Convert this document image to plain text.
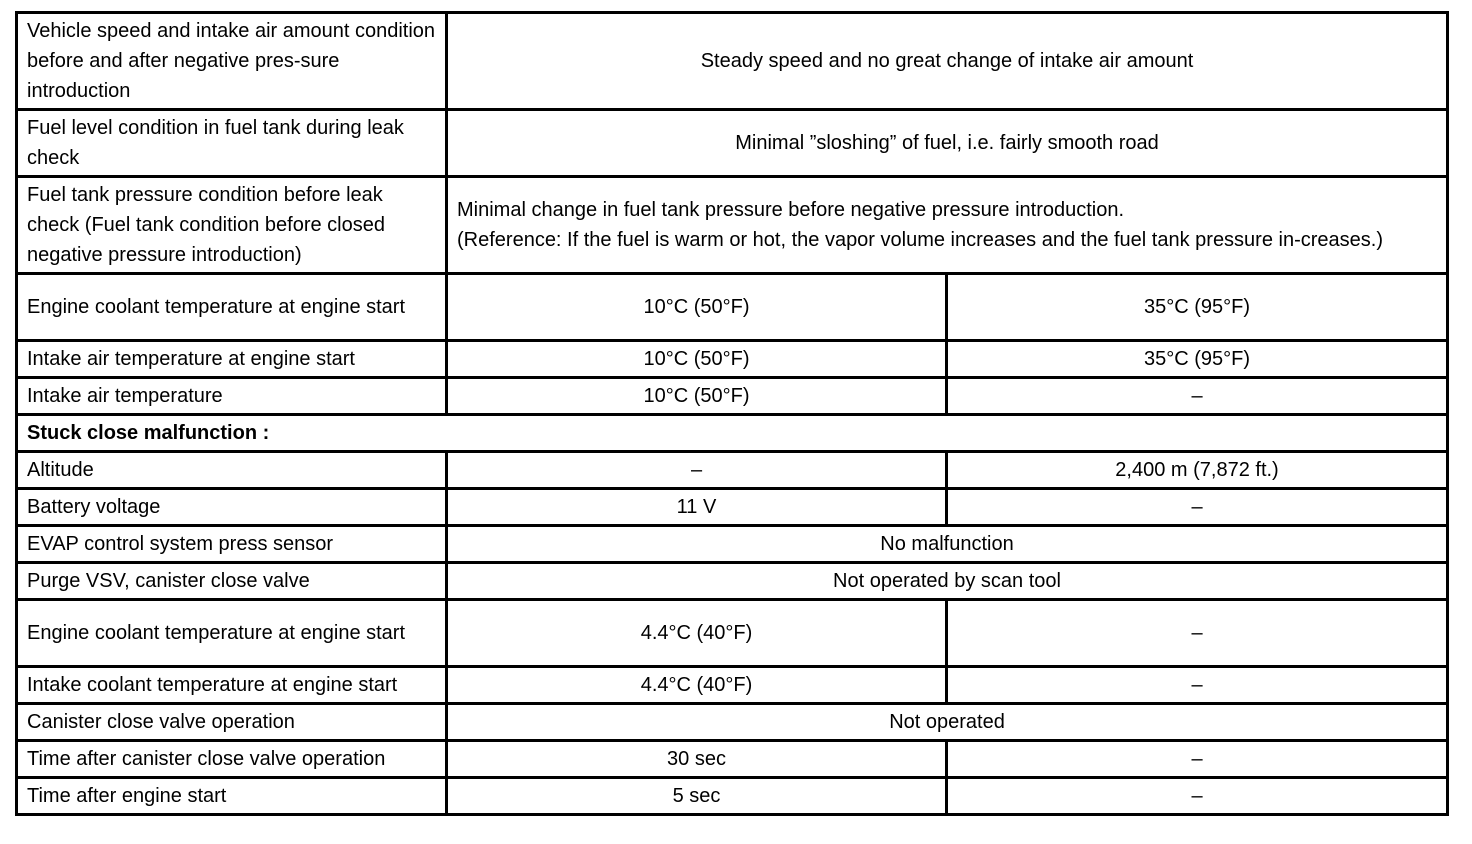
Vehicle speed and intake air amount condition before and after negative pres-sure introduction	Steady speed and no great change of intake air amount	
Fuel level condition in fuel tank during leak check	Minimal ”sloshing” of fuel, i.e. fairly smooth road	
Fuel tank pressure condition before leak check (Fuel tank condition before closed negative pressure introduction)	Minimal change in fuel tank pressure before negative pressure introduction.
(Reference: If the fuel is warm or hot, the vapor volume increases and the fuel tank pressure in-creases.)	

Engine coolant temperature at engine start	10°C (50°F)	35°C (95°F)
Intake air temperature at engine start	10°C (50°F)	35°C (95°F)
Intake air temperature	10°C (50°F)	–
Stuck close malfunction :		
Altitude	–	2,400 m (7,872 ft.)
Battery voltage	11 V	–
EVAP control system press sensor	No malfunction	
Purge VSV, canister close valve	Not operated by scan tool	
Engine coolant temperature at engine start	4.4°C (40°F)	–
Intake coolant temperature at engine start	4.4°C (40°F)	–
Canister close valve operation	Not operated	
Time after canister close valve operation	30 sec	–
Time after engine start	5 sec	–
